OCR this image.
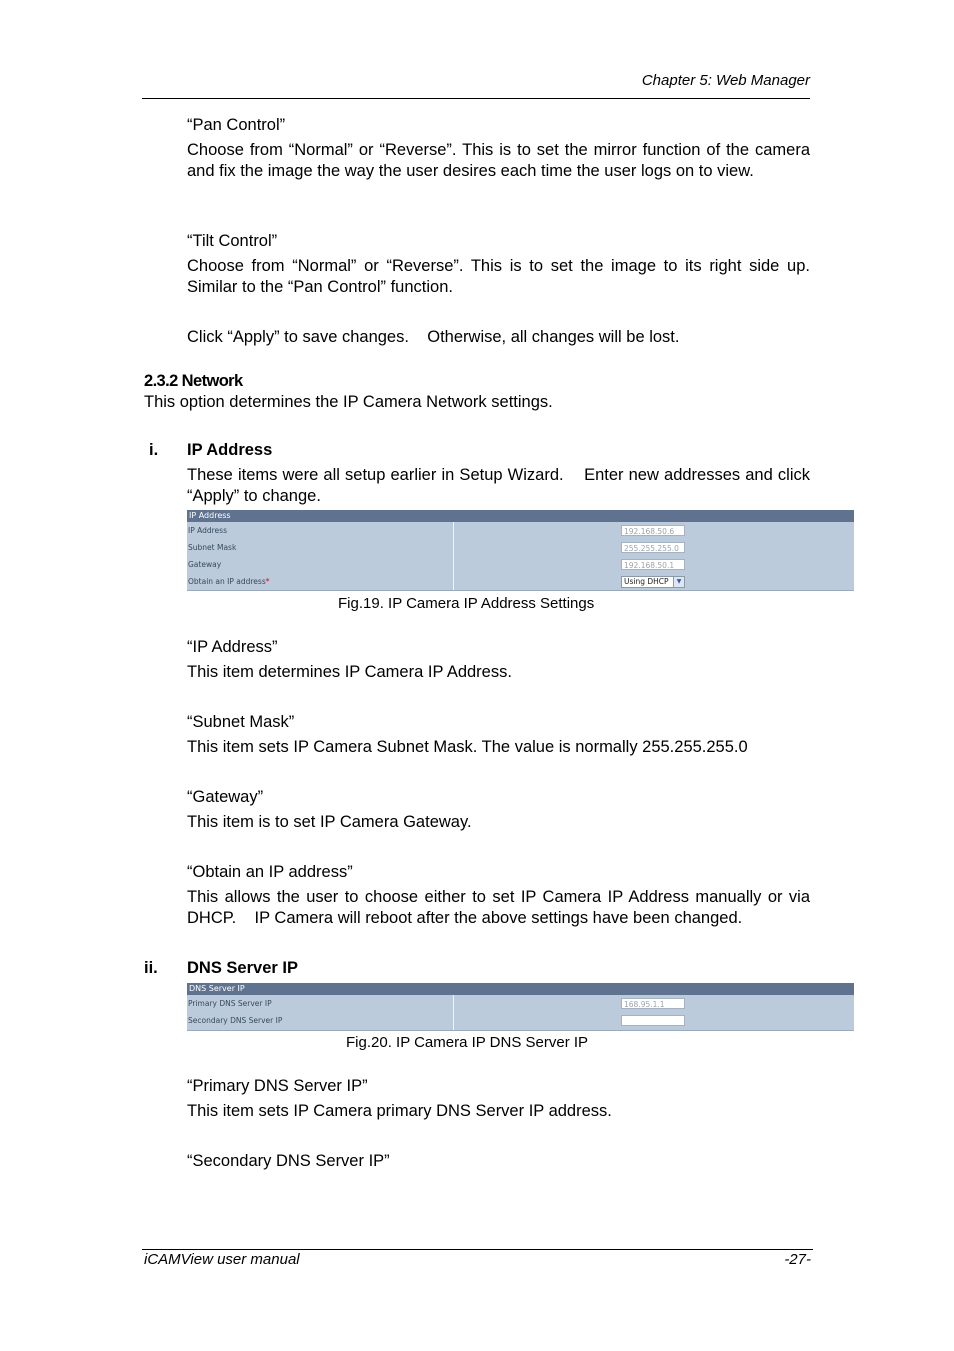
Chapter 5: Web Manager
“Pan Control”
Choose from “Normal” or “Reverse”. This is to set the mirror function of the camera and fix the image the way the user desires each time the user logs on to view.
“Tilt Control”
Choose from “Normal” or “Reverse”. This is to set the image to its right side up. Similar to the “Pan Control” function.
Click “Apply” to save changes.    Otherwise, all changes will be lost.
2.3.2 Network
This option determines the IP Camera Network settings.
i. IP Address
These items were all setup earlier in Setup Wizard.    Enter new addresses and click “Apply” to change.
IP Address
IP Address	192.168.50.6
Subnet Mask	255.255.255.0
Gateway	192.168.50.1
Obtain an IP address*	Using DHCP	▼
Fig.19. IP Camera IP Address Settings
“IP Address”
This item determines IP Camera IP Address.
“Subnet Mask”
This item sets IP Camera Subnet Mask. The value is normally 255.255.255.0
“Gateway”
This item is to set IP Camera Gateway.
“Obtain an IP address”
This allows the user to choose either to set IP Camera IP Address manually or via DHCP.    IP Camera will reboot after the above settings have been changed.
ii. DNS Server IP
DNS Server IP
Primary DNS Server IP	168.95.1.1
Secondary DNS Server IP
Fig.20. IP Camera IP DNS Server IP
“Primary DNS Server IP”
This item sets IP Camera primary DNS Server IP address.
“Secondary DNS Server IP”
iCAMView user manual	-27-
